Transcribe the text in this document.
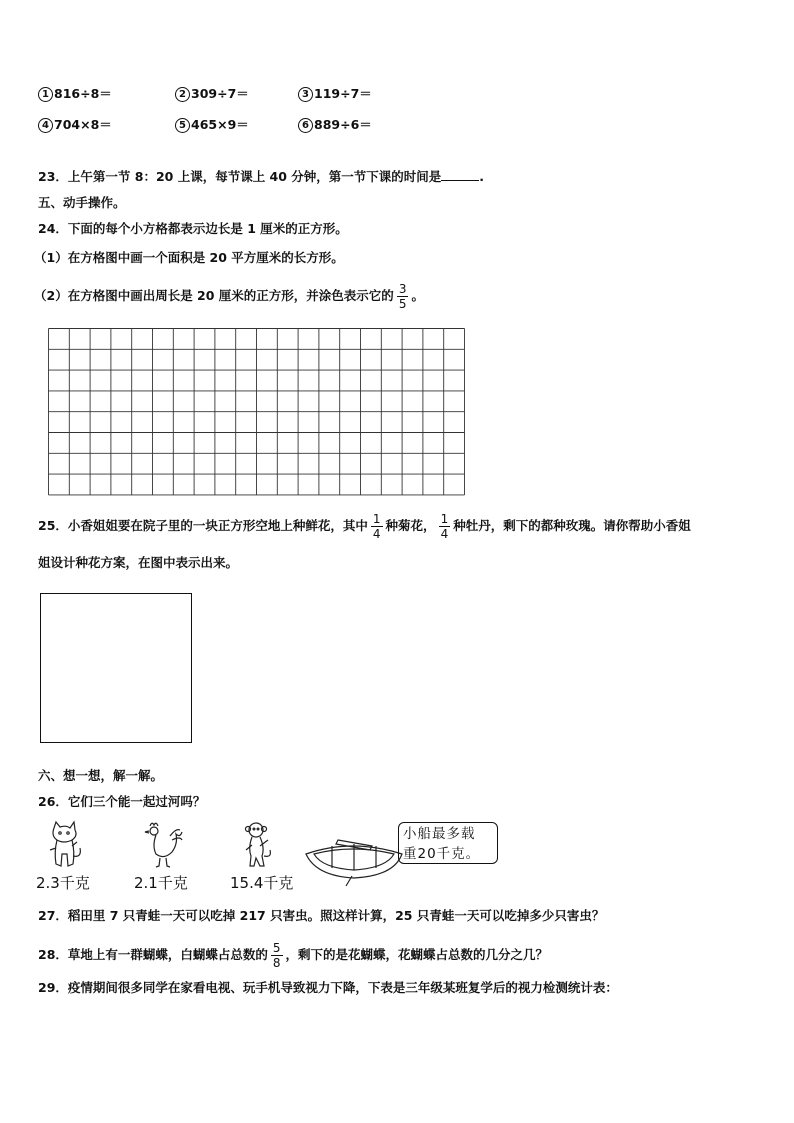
1 816÷8＝	2 309÷7＝	3 119÷7＝
4 704×8＝	5 465×9＝	6 889÷6＝
23．上午第一节 8：20 上课，每节课上 40 分钟，第一节下课的时间是	.
五、动手操作。
24．下面的每个小方格都表示边长是 1 厘米的正方形。
（1）在方格图中画一个面积是 20 平方厘米的长方形。
（2）在方格图中画出周长是 20 厘米的正方形，并涂色表示它的 $\frac{3}{5}$ 。
25．小香姐姐要在院子里的一块正方形空地上种鲜花，其中 $\frac{1}{4}$ 种菊花， $\frac{1}{4}$ 种牡丹，剩下的都种玫瑰。请你帮助小香姐
姐设计种花方案，在图中表示出来。
六、想一想，解一解。
26．它们三个能一起过河吗？
2.3千克	2.1千克	15.4千克
小船最多载
重20千克。
27．稻田里 7 只青蛙一天可以吃掉 217 只害虫。照这样计算，25 只青蛙一天可以吃掉多少只害虫？
28．草地上有一群蝴蝶，白蝴蝶占总数的 $\frac{5}{8}$ ，剩下的是花蝴蝶，花蝴蝶占总数的几分之几？
29．疫情期间很多同学在家看电视、玩手机导致视力下降，下表是三年级某班复学后的视力检测统计表：
